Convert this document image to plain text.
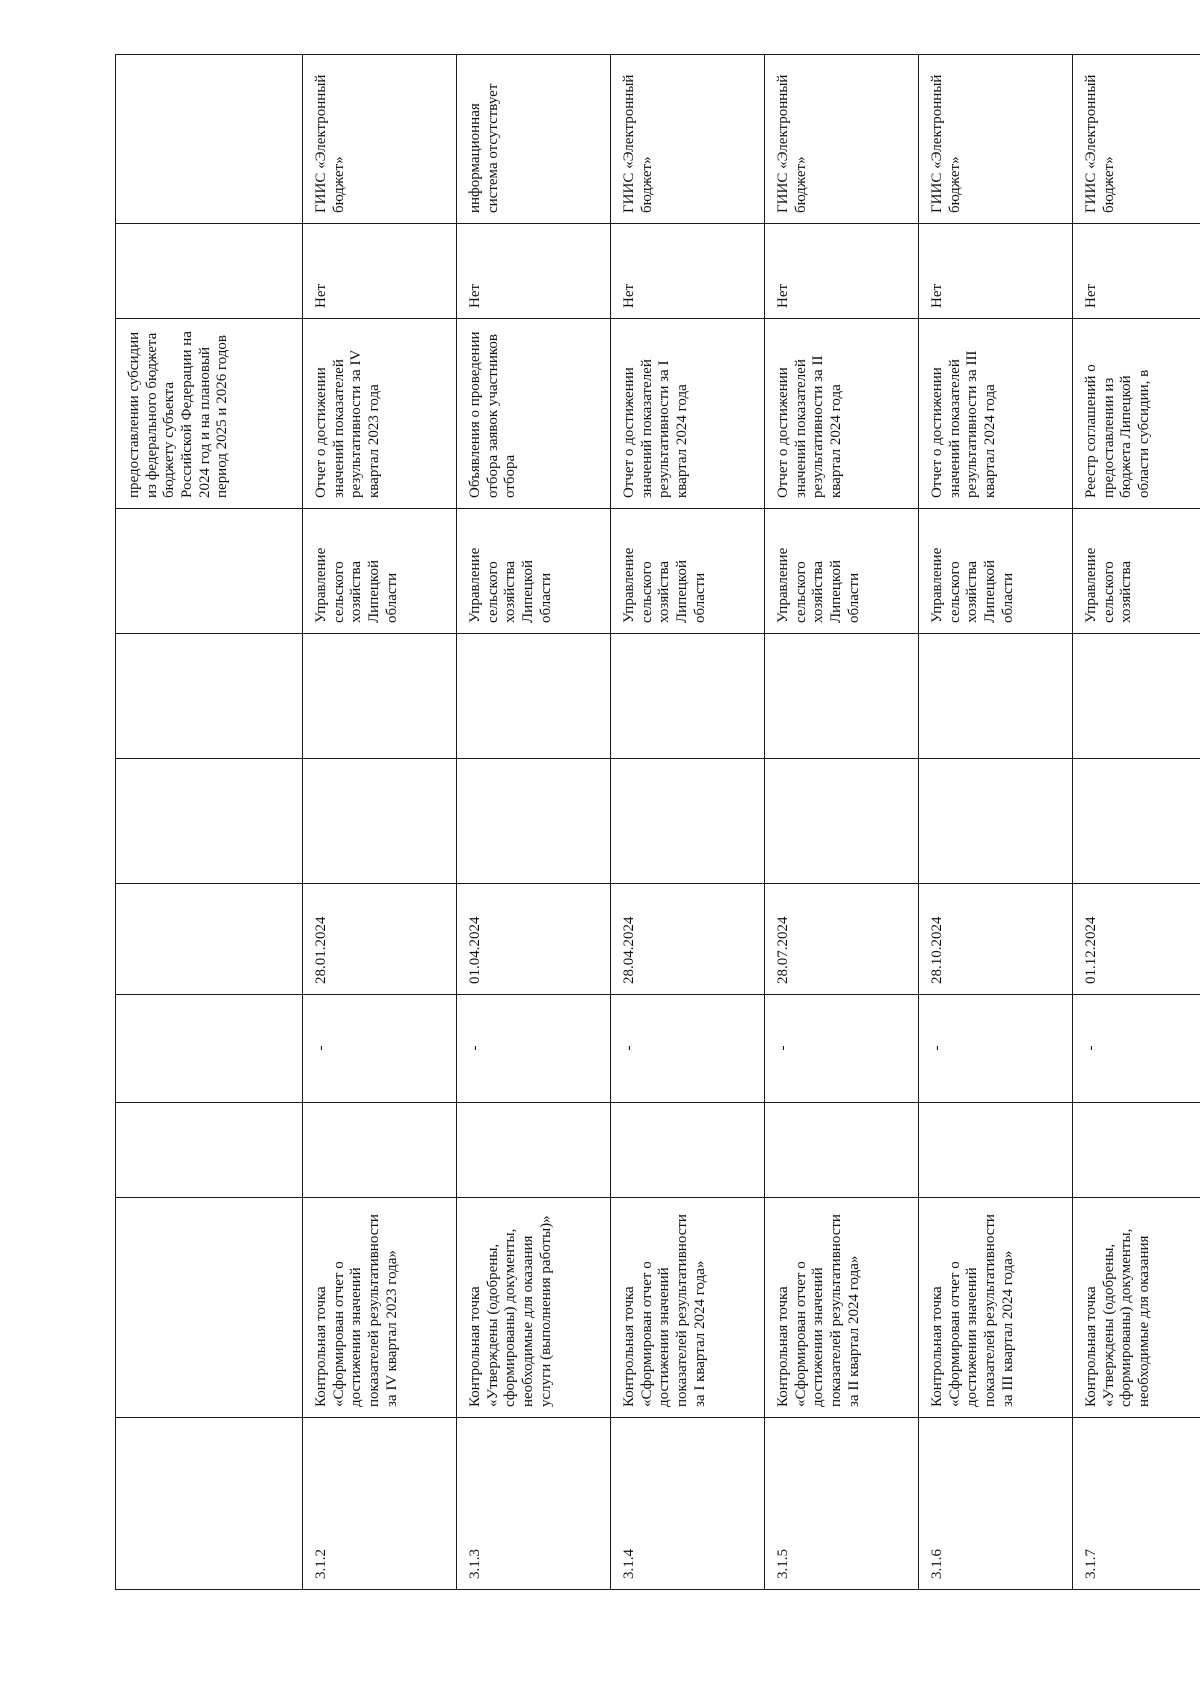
								предоставлении субсидии из федерального бюджета бюджету субъекта Российской Федерации на 2024 год и на плановый период 2025 и 2026 годов		
3.1.2	Контрольная точка «Сформирован отчет о достижении значений показателей результативности за IV квартал 2023 года»		-	28.01.2024			Управление сельского хозяйства Липецкой области	Отчет о достижении значений показателей результативности за IV квартал 2023 года	Нет	ГИИС «Электронный бюджет»
3.1.3	Контрольная точка «Утверждены (одобрены, сформированы) документы, необходимые для оказания услуги (выполнения работы)»		-	01.04.2024			Управление сельского хозяйства Липецкой области	Объявления о проведении отбора заявок участников отбора	Нет	информационная система отсутствует
3.1.4	Контрольная точка «Сформирован отчет о достижении значений показателей результативности за I квартал 2024 года»		-	28.04.2024			Управление сельского хозяйства Липецкой области	Отчет о достижении значений показателей результативности за I квартал 2024 года	Нет	ГИИС «Электронный бюджет»
3.1.5	Контрольная точка «Сформирован отчет о достижении значений показателей результативности за II квартал 2024 года»		-	28.07.2024			Управление сельского хозяйства Липецкой области	Отчет о достижении значений показателей результативности за II квартал 2024 года	Нет	ГИИС «Электронный бюджет»
3.1.6	Контрольная точка «Сформирован отчет о достижении значений показателей результативности за III квартал 2024 года»		-	28.10.2024			Управление сельского хозяйства Липецкой области	Отчет о достижении значений показателей результативности за III квартал 2024 года	Нет	ГИИС «Электронный бюджет»
3.1.7	Контрольная точка «Утверждены (одобрены, сформированы) документы, необходимые для оказания		-	01.12.2024			Управление сельского хозяйства	Реестр соглашений о предоставлении из бюджета Липецкой области субсидии, в	Нет	ГИИС «Электронный бюджет»
